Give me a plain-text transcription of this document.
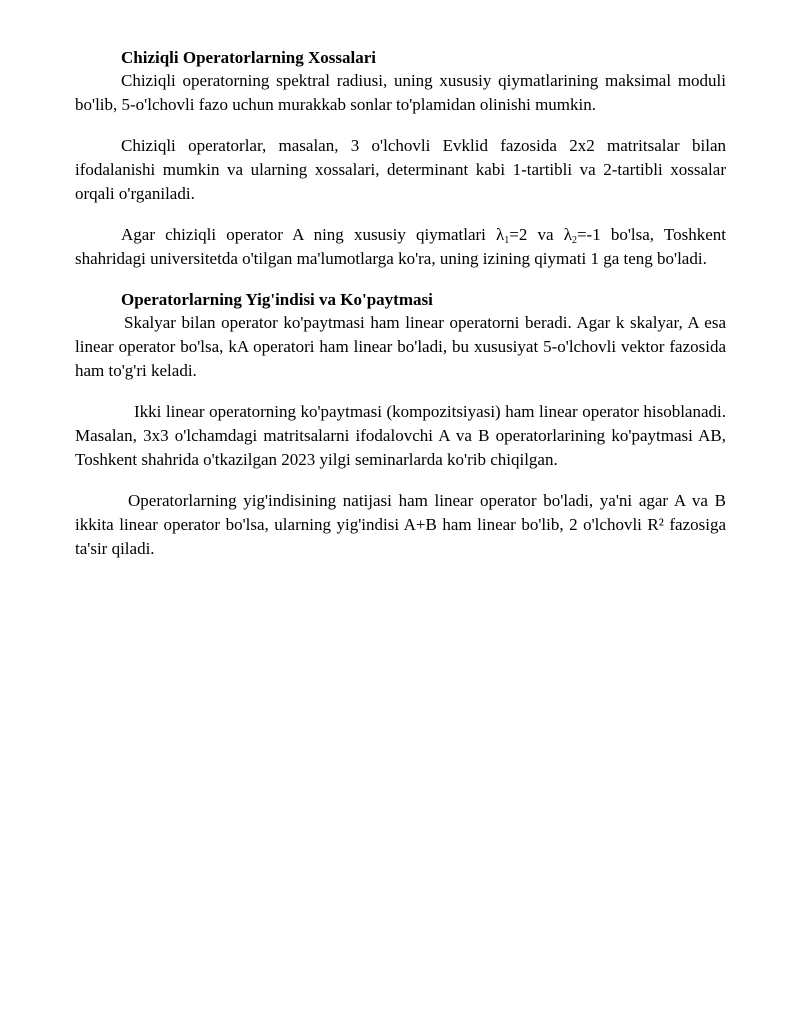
Chiziqli Operatorlarning Xossalari

Chiziqli operatorning spektral radiusi, uning xususiy qiymatlarining maksimal moduli bo'lib, 5-o'lchovli fazo uchun murakkab sonlar to'plamidan olinishi mumkin.

Chiziqli operatorlar, masalan, 3 o'lchovli Evklid fazosida 2x2 matritsalar bilan ifodalanishi mumkin va ularning xossalari, determinant kabi 1-tartibli va 2-tartibli xossalar orqali o'rganiladi.

Agar chiziqli operator A ning xususiy qiymatlari $\lambda_1=2$ va $\lambda_2=-1$ bo'lsa, Toshkent shahridagi universitetda o'tilgan ma'lumotlarga ko'ra, uning izining qiymati 1 ga teng bo'ladi.

Operatorlarning Yig'indisi va Ko'paytmasi

Skalyar bilan operator ko'paytmasi ham linear operatorni beradi. Agar k skalyar, A esa linear operator bo'lsa, kA operatori ham linear bo'ladi, bu xususiyat 5-o'lchovli vektor fazosida ham to'g'ri keladi.

Ikki linear operatorning ko'paytmasi (kompozitsiyasi) ham linear operator hisoblanadi. Masalan, 3x3 o'lchamdagi matritsalarni ifodalovchi A va B operatorlarining ko'paytmasi AB, Toshkent shahrida o'tkazilgan 2023 yilgi seminarlarda ko'rib chiqilgan.

Operatorlarning yig'indisining natijasi ham linear operator bo'ladi, ya'ni agar A va B ikkita linear operator bo'lsa, ularning yig'indisi A+B ham linear bo'lib, 2 o'lchovli R² fazosiga ta'sir qiladi.
